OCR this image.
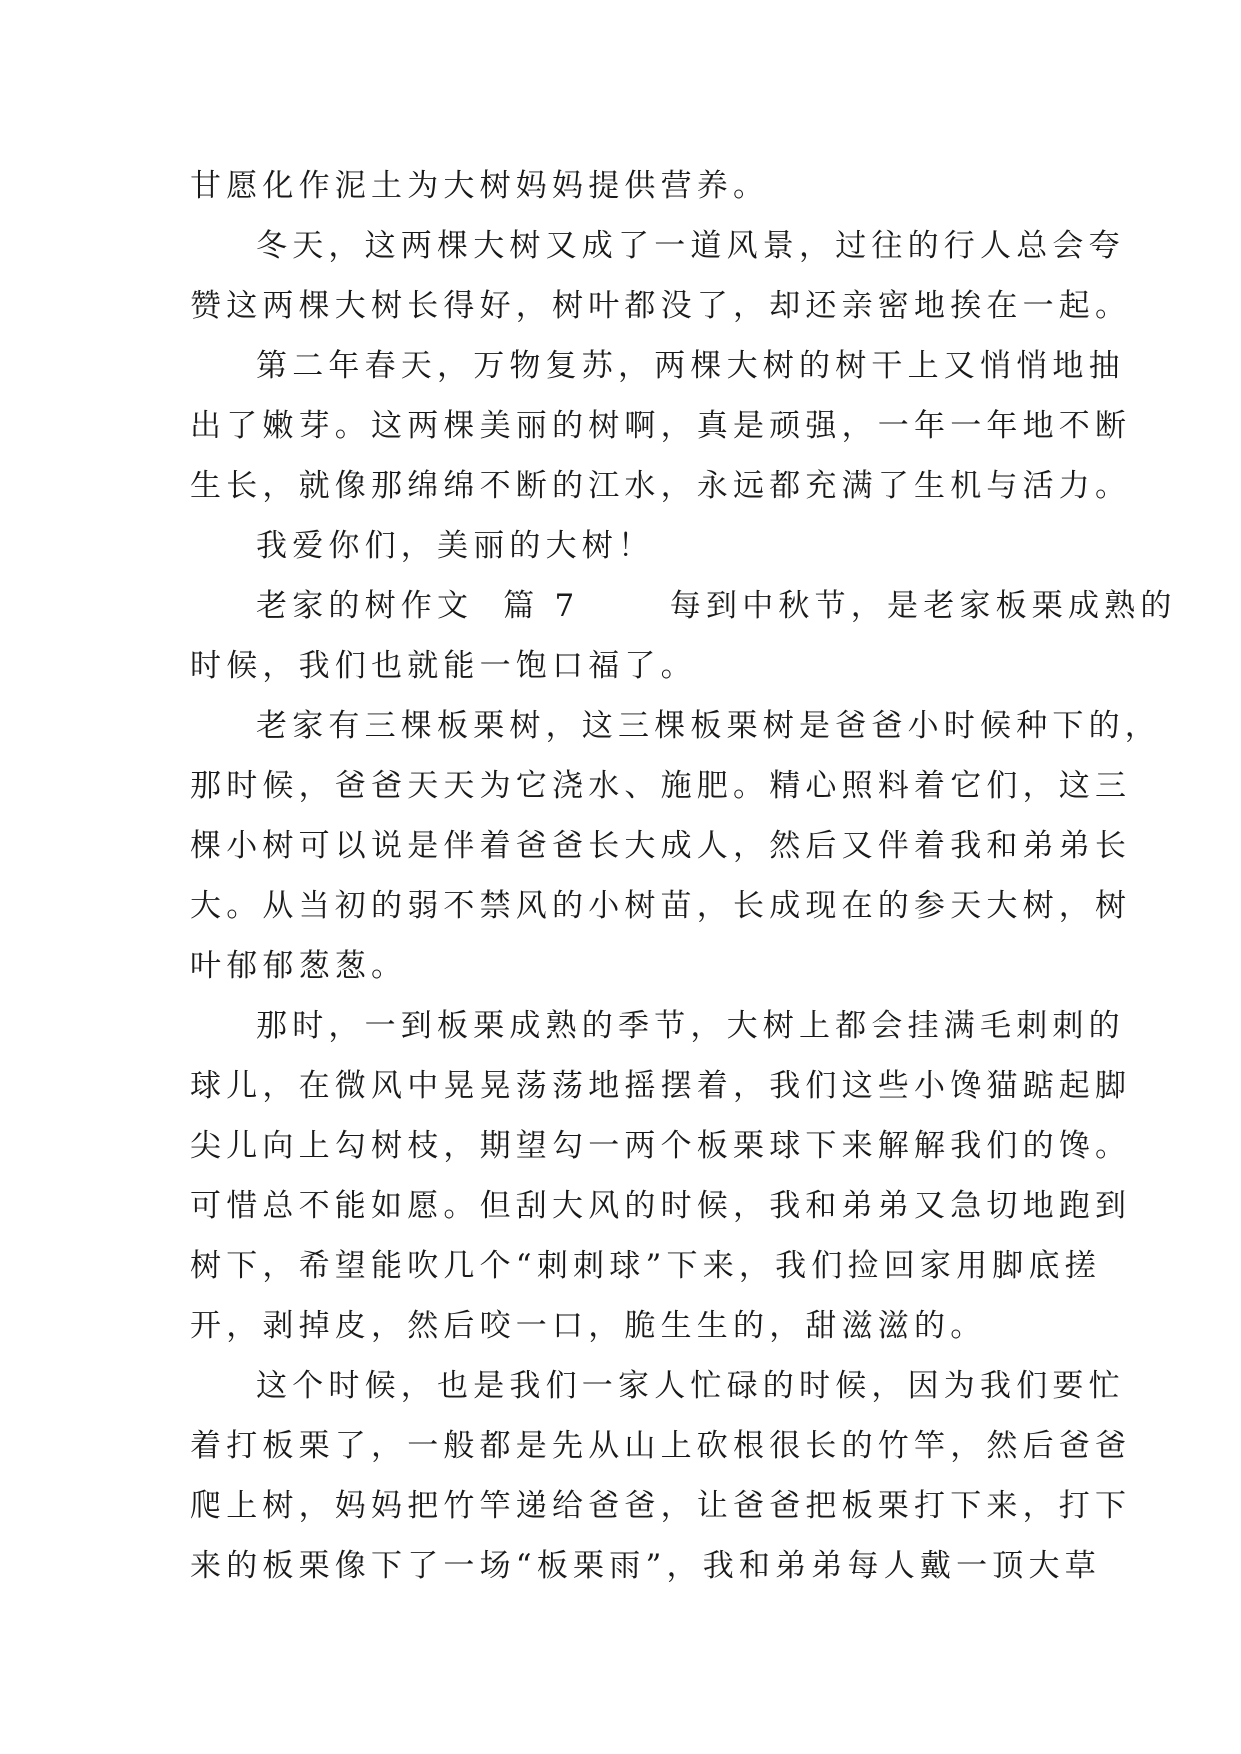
甘愿化作泥土为大树妈妈提供营养。
冬天，这两棵大树又成了一道风景，过往的行人总会夸
赞这两棵大树长得好，树叶都没了，却还亲密地挨在一起。
第二年春天，万物复苏，两棵大树的树干上又悄悄地抽
出了嫩芽。这两棵美丽的树啊，真是顽强，一年一年地不断
生长，就像那绵绵不断的江水，永远都充满了生机与活力。
我爱你们，美丽的大树！
老家的树作文  篇 7      每到中秋节，是老家板栗成熟的
时候，我们也就能一饱口福了。
老家有三棵板栗树，这三棵板栗树是爸爸小时候种下的，
那时候，爸爸天天为它浇水、施肥。精心照料着它们，这三
棵小树可以说是伴着爸爸长大成人，然后又伴着我和弟弟长
大。从当初的弱不禁风的小树苗，长成现在的参天大树，树
叶郁郁葱葱。
那时，一到板栗成熟的季节，大树上都会挂满毛刺刺的
球儿，在微风中晃晃荡荡地摇摆着，我们这些小馋猫踮起脚
尖儿向上勾树枝，期望勾一两个板栗球下来解解我们的馋。
可惜总不能如愿。但刮大风的时候，我和弟弟又急切地跑到
树下，希望能吹几个“刺刺球”下来，我们捡回家用脚底搓
开，剥掉皮，然后咬一口，脆生生的，甜滋滋的。
这个时候，也是我们一家人忙碌的时候，因为我们要忙
着打板栗了，一般都是先从山上砍根很长的竹竿，然后爸爸
爬上树，妈妈把竹竿递给爸爸，让爸爸把板栗打下来，打下
来的板栗像下了一场“板栗雨”，我和弟弟每人戴一顶大草
